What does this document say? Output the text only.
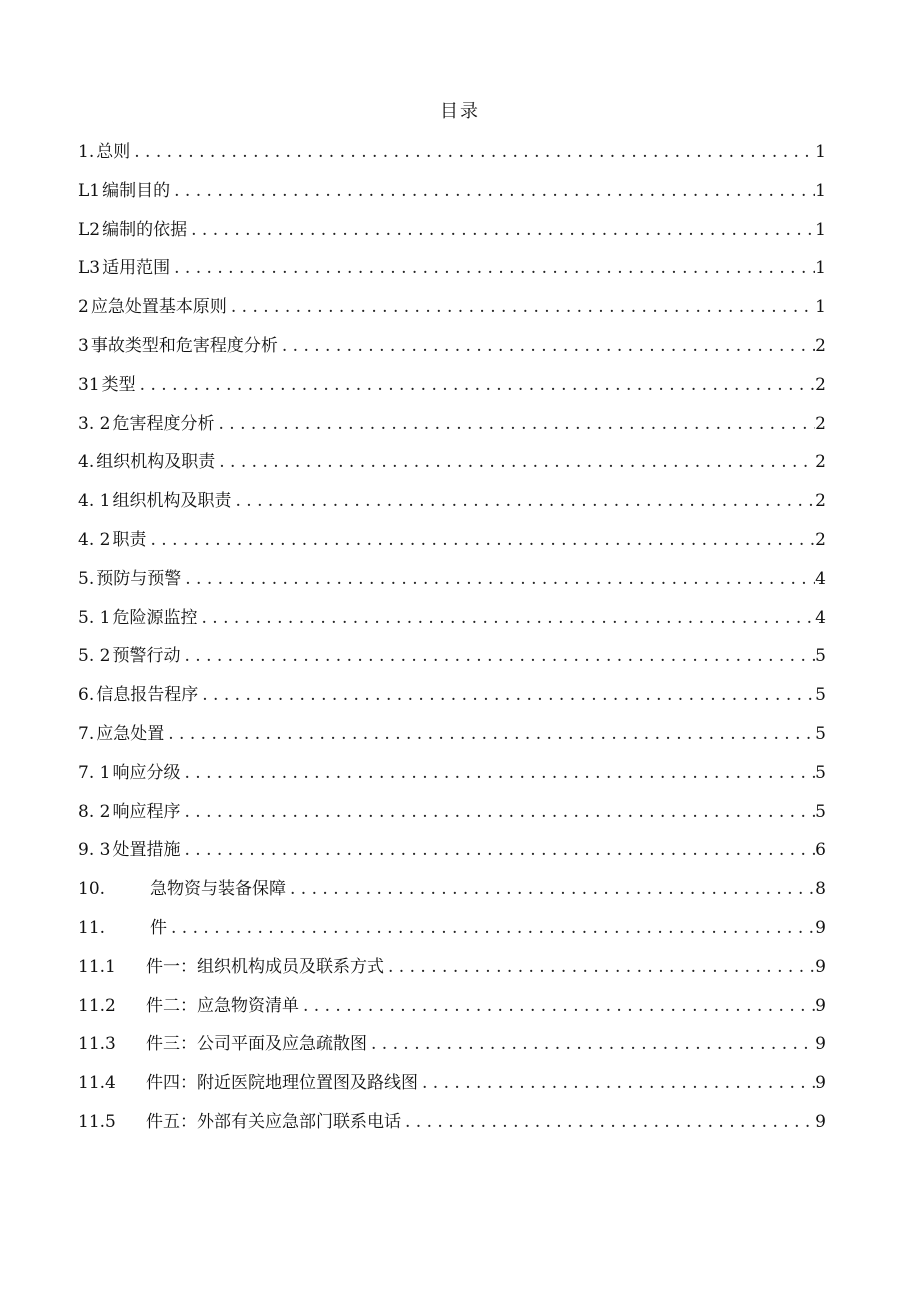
目录
1. 总则 . . .	1
L1 编制目的 . . .	1
L2 编制的依据 . . .	1
L3 适用范围 . . .	1
2 应急处置基本原则 . . .	1
3 事故类型和危害程度分析 . . .	2
31 类型 . . .	2
3. 2 危害程度分析 . . .	2
4. 组织机构及职责 . . .	2
4. 1 组织机构及职责 . . .	2
4. 2 职责 . . .	2
5. 预防与预警 . . .	4
5. 1 危险源监控 . . .	4
5. 2 预警行动 . . .	5
6. 信息报告程序 . . .	5
7. 应急处置 . . .	5
7. 1 响应分级 . . .	5
8. 2 响应程序 . . .	5
9. 3 处置措施 . . .	6
10.	急物资与装备保障 . . .	8
11.	件 . . .	9
11.1	件一：组织机构成员及联系方式 . . .	9
11.2	件二：应急物资清单 . . .	9
11.3	件三：公司平面及应急疏散图 . . .	9
11.4	件四：附近医院地理位置图及路线图 . . .	9
11.5	件五：外部有关应急部门联系电话 . . .	9
